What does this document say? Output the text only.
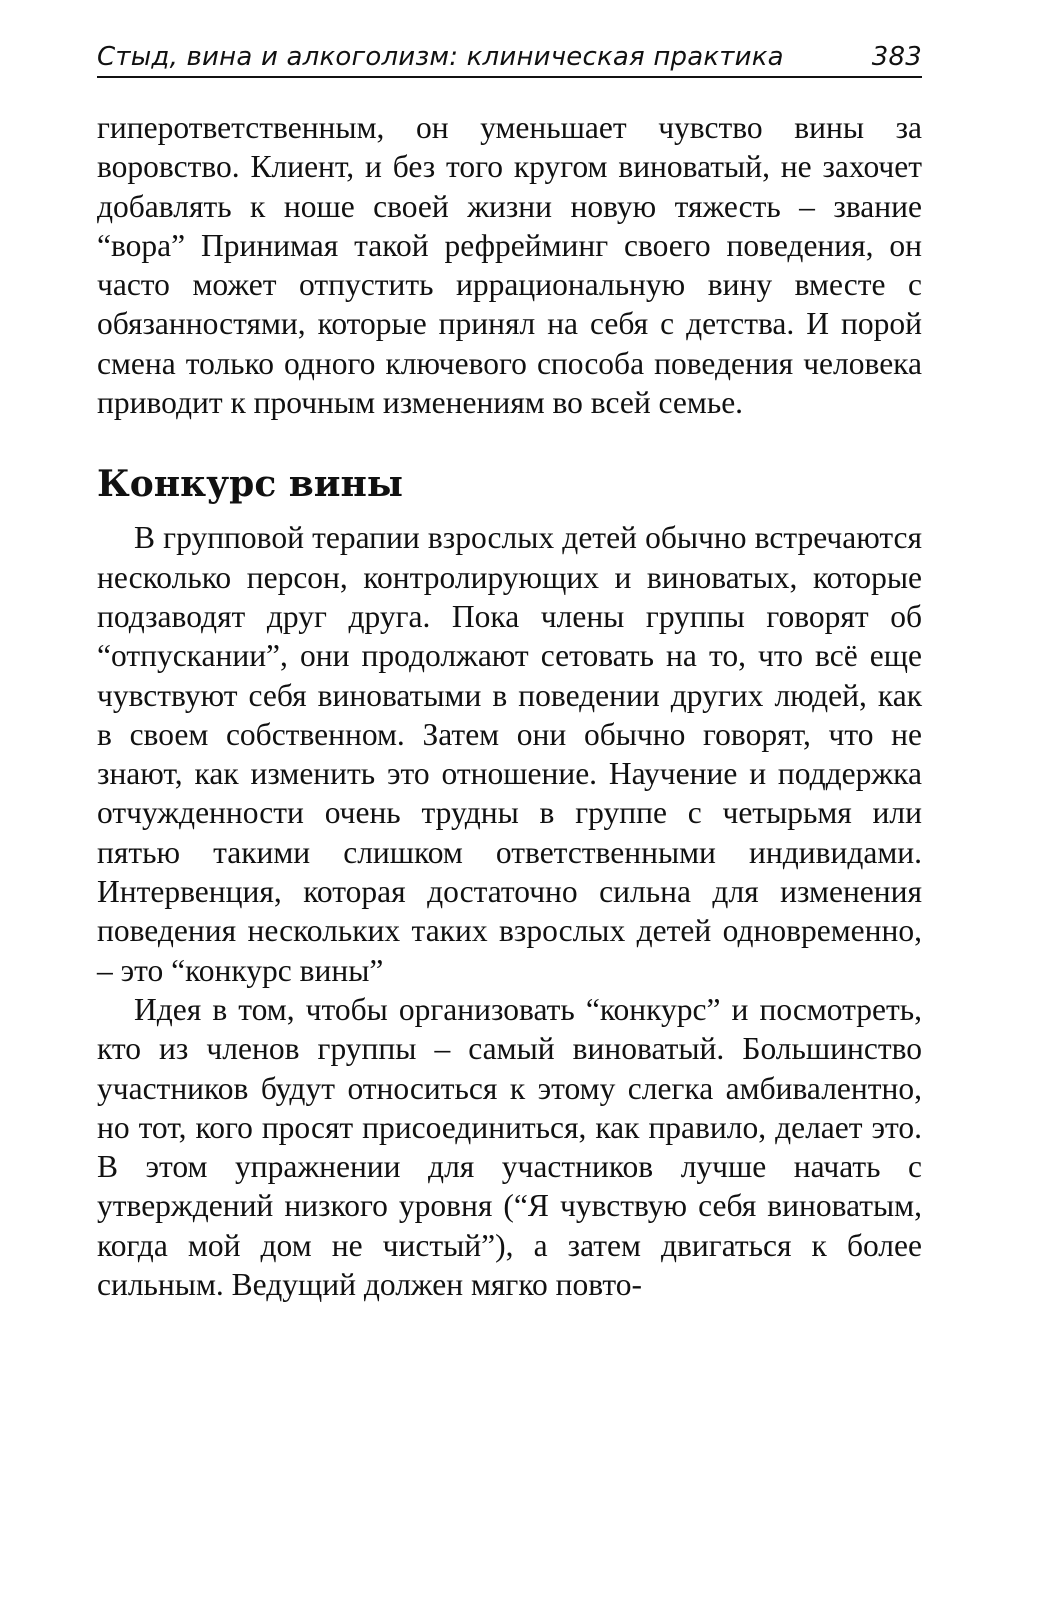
Стыд, вина и алкоголизм: клиническая практика	383

гиперответственным, он уменьшает чувство вины за воровство. Клиент, и без того кругом виноватый, не захочет добавлять к ноше своей жизни новую тяжесть – звание “вора” Принимая такой рефрейминг своего поведения, он часто может отпустить иррациональную вину вместе с обязанностями, которые принял на себя с детства. И порой смена только одного ключевого способа поведения человека приводит к прочным изменениям во всей семье.

Конкурс вины

В групповой терапии взрослых детей обычно встречаются несколько персон, контролирующих и виноватых, которые подзаводят друг друга. Пока члены группы говорят об “отпускании”, они продолжают сетовать на то, что всё еще чувствуют себя виноватыми в поведении других людей, как в своем собственном. Затем они обычно говорят, что не знают, как изменить это отношение. Научение и поддержка отчужденности очень трудны в группе с четырьмя или пятью такими слишком ответственными индивидами. Интервенция, которая достаточно сильна для изменения поведения нескольких таких взрослых детей одновременно, – это “конкурс вины”

Идея в том, чтобы организовать “конкурс” и посмотреть, кто из членов группы – самый виноватый. Большинство участников будут относиться к этому слегка амбивалентно, но тот, кого просят присоединиться, как правило, делает это. В этом упражнении для участников лучше начать с утверждений низкого уровня (“Я чувствую себя виноватым, когда мой дом не чистый”), а затем двигаться к более сильным. Ведущий должен мягко повто-
